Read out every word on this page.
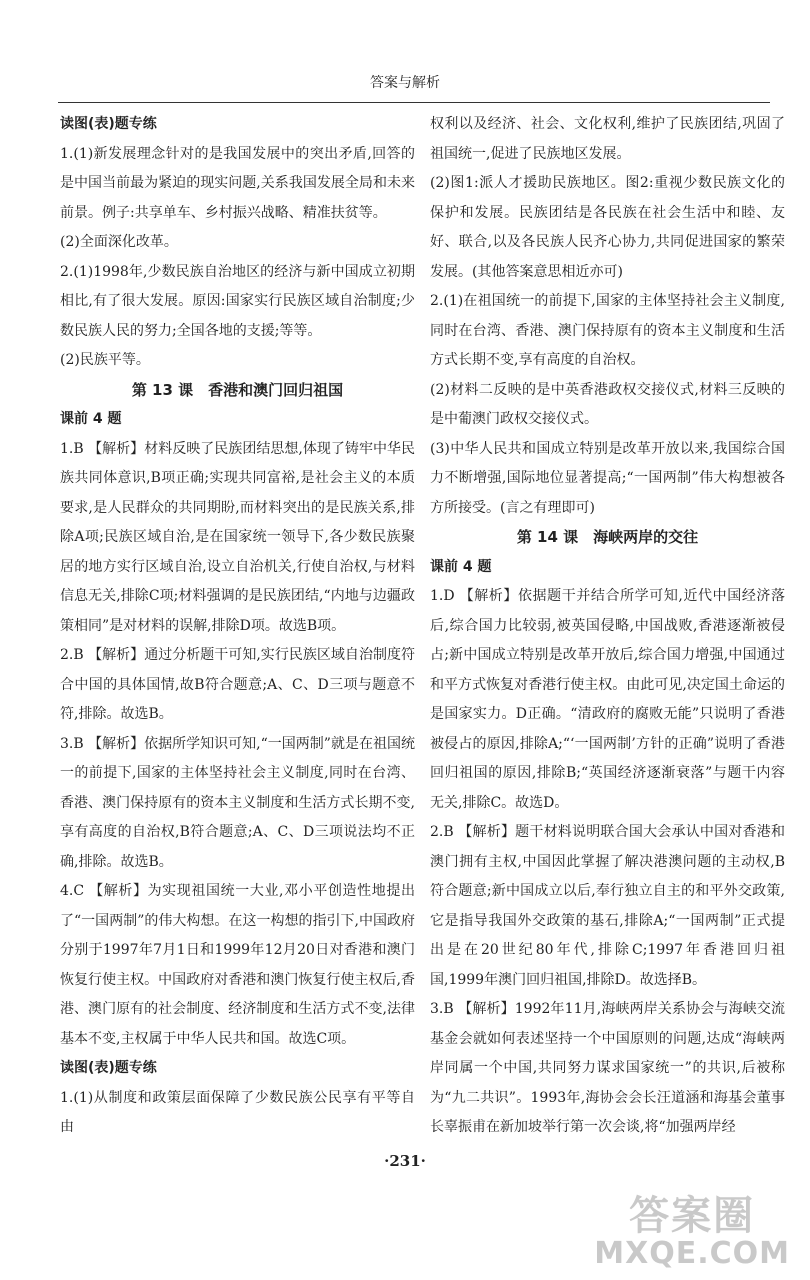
答案与解析

读图(表)题专练

1.(1)新发展理念针对的是我国发展中的突出矛盾,回答的是中国当前最为紧迫的现实问题,关系我国发展全局和未来前景。例子:共享单车、乡村振兴战略、精准扶贫等。

(2)全面深化改革。

2.(1)1998年,少数民族自治地区的经济与新中国成立初期相比,有了很大发展。原因:国家实行民族区域自治制度;少数民族人民的努力;全国各地的支援;等等。

(2)民族平等。

第 13 课　香港和澳门回归祖国

课前 4 题

1.B 【解析】材料反映了民族团结思想,体现了铸牢中华民族共同体意识,B项正确;实现共同富裕,是社会主义的本质要求,是人民群众的共同期盼,而材料突出的是民族关系,排除A项;民族区域自治,是在国家统一领导下,各少数民族聚居的地方实行区域自治,设立自治机关,行使自治权,与材料信息无关,排除C项;材料强调的是民族团结,“内地与边疆政策相同”是对材料的误解,排除D项。故选B项。

2.B 【解析】通过分析题干可知,实行民族区域自治制度符合中国的具体国情,故B符合题意;A、C、D三项与题意不符,排除。故选B。

3.B 【解析】依据所学知识可知,“一国两制”就是在祖国统一的前提下,国家的主体坚持社会主义制度,同时在台湾、香港、澳门保持原有的资本主义制度和生活方式长期不变,享有高度的自治权,B符合题意;A、C、D三项说法均不正确,排除。故选B。

4.C 【解析】为实现祖国统一大业,邓小平创造性地提出了“一国两制”的伟大构想。在这一构想的指引下,中国政府分别于1997年7月1日和1999年12月20日对香港和澳门恢复行使主权。中国政府对香港和澳门恢复行使主权后,香港、澳门原有的社会制度、经济制度和生活方式不变,法律基本不变,主权属于中华人民共和国。故选C项。

读图(表)题专练

1.(1)从制度和政策层面保障了少数民族公民享有平等自由

权利以及经济、社会、文化权利,维护了民族团结,巩固了祖国统一,促进了民族地区发展。

(2)图1:派人才援助民族地区。图2:重视少数民族文化的保护和发展。民族团结是各民族在社会生活中和睦、友好、联合,以及各民族人民齐心协力,共同促进国家的繁荣发展。(其他答案意思相近亦可)

2.(1)在祖国统一的前提下,国家的主体坚持社会主义制度,同时在台湾、香港、澳门保持原有的资本主义制度和生活方式长期不变,享有高度的自治权。

(2)材料二反映的是中英香港政权交接仪式,材料三反映的是中葡澳门政权交接仪式。

(3)中华人民共和国成立特别是改革开放以来,我国综合国力不断增强,国际地位显著提高;“一国两制”伟大构想被各方所接受。(言之有理即可)

第 14 课　海峡两岸的交往

课前 4 题

1.D 【解析】依据题干并结合所学可知,近代中国经济落后,综合国力比较弱,被英国侵略,中国战败,香港逐渐被侵占;新中国成立特别是改革开放后,综合国力增强,中国通过和平方式恢复对香港行使主权。由此可见,决定国土命运的是国家实力。D正确。“清政府的腐败无能”只说明了香港被侵占的原因,排除A;“‘一国两制’方针的正确”说明了香港回归祖国的原因,排除B;“英国经济逐渐衰落”与题干内容无关,排除C。故选D。

2.B 【解析】题干材料说明联合国大会承认中国对香港和澳门拥有主权,中国因此掌握了解决港澳问题的主动权,B符合题意;新中国成立以后,奉行独立自主的和平外交政策,它是指导我国外交政策的基石,排除A;“一国两制”正式提出是在20世纪80年代,排除C;1997年香港回归祖国,1999年澳门回归祖国,排除D。故选择B。

3.B 【解析】1992年11月,海峡两岸关系协会与海峡交流基金会就如何表述坚持一个中国原则的问题,达成“海峡两岸同属一个中国,共同努力谋求国家统一”的共识,后被称为“九二共识”。1993年,海协会会长汪道涵和海基会董事长辜振甫在新加坡举行第一次会谈,将“加强两岸经

·231·
答案圈
MXQE.COM
